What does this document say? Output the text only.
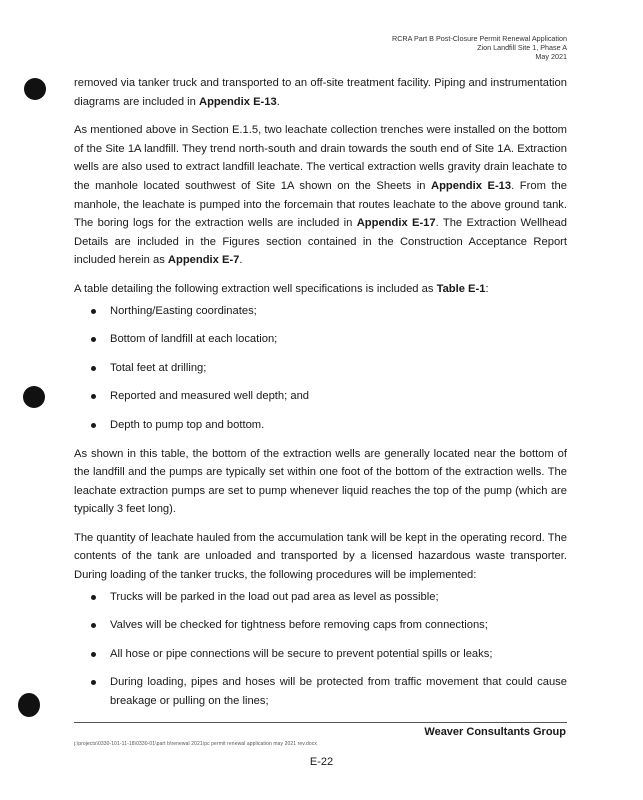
RCRA Part B Post-Closure Permit Renewal Application
Zion Landfill Site 1, Phase A
May 2021

removed via tanker truck and transported to an off-site treatment facility. Piping and instrumentation diagrams are included in Appendix E-13.

As mentioned above in Section E.1.5, two leachate collection trenches were installed on the bottom of the Site 1A landfill. They trend north-south and drain towards the south end of Site 1A. Extraction wells are also used to extract landfill leachate. The vertical extraction wells gravity drain leachate to the manhole located southwest of Site 1A shown on the Sheets in Appendix E-13. From the manhole, the leachate is pumped into the forcemain that routes leachate to the above ground tank. The boring logs for the extraction wells are included in Appendix E-17. The Extraction Wellhead Details are included in the Figures section contained in the Construction Acceptance Report included herein as Appendix E-7.

A table detailing the following extraction well specifications is included as Table E-1:

Northing/Easting coordinates;
Bottom of landfill at each location;
Total feet at drilling;
Reported and measured well depth; and
Depth to pump top and bottom.

As shown in this table, the bottom of the extraction wells are generally located near the bottom of the landfill and the pumps are typically set within one foot of the bottom of the extraction wells. The leachate extraction pumps are set to pump whenever liquid reaches the top of the pump (which are typically 3 feet long).

The quantity of leachate hauled from the accumulation tank will be kept in the operating record. The contents of the tank are unloaded and transported by a licensed hazardous waste transporter. During loading of the tanker trucks, the following procedures will be implemented:

Trucks will be parked in the load out pad area as level as possible;
Valves will be checked for tightness before removing caps from connections;
All hose or pipe connections will be secure to prevent potential spills or leaks;
During loading, pipes and hoses will be protected from traffic movement that could cause breakage or pulling on the lines;
Weaver Consultants Group
j:\projects\0330-101-11-18\0330-01\part b\renewal 2021\pc permit renewal application may 2021 rev.docx
E-22
